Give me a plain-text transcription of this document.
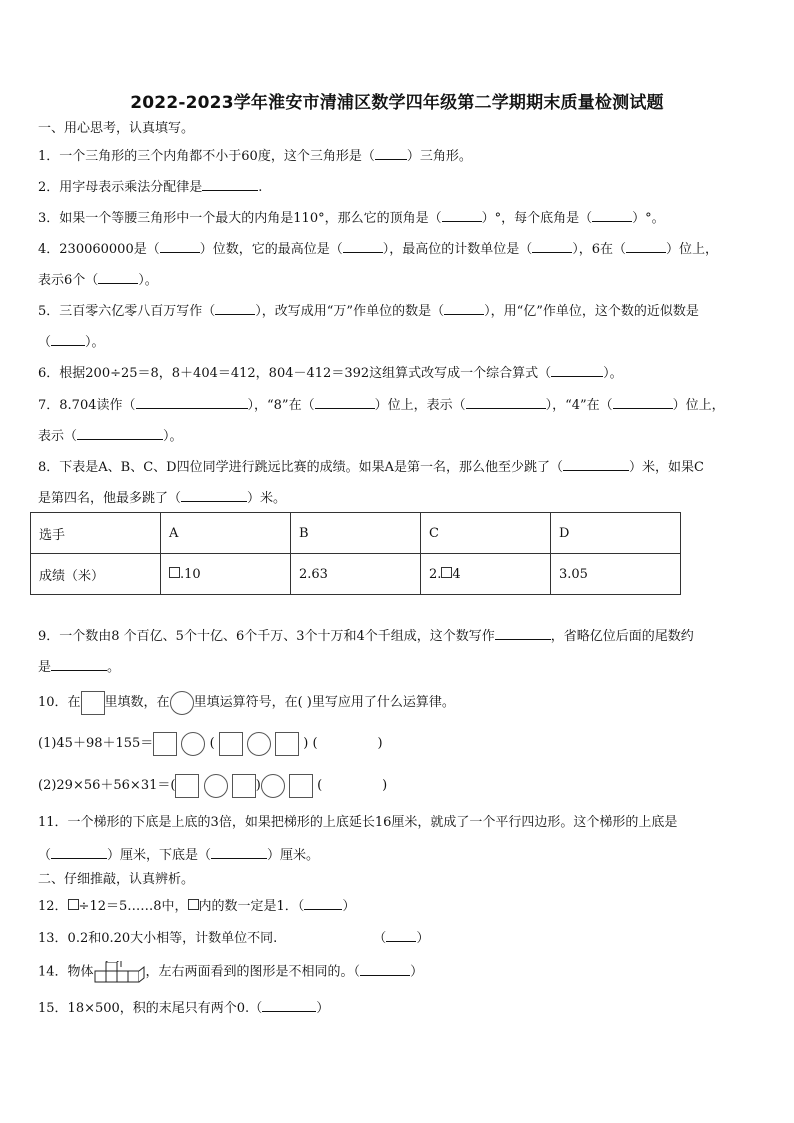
2022-2023学年淮安市清浦区数学四年级第二学期期末质量检测试题
一、用心思考，认真填写。
1．一个三角形的三个内角都不小于60度，这个三角形是（ ）三角形。
2．用字母表示乘法分配律是	.
3．如果一个等腰三角形中一个最大的内角是110°，那么它的顶角是（	）°，每个底角是（	）°。
4．230060000是（	）位数，它的最高位是（	），最高位的计数单位是（	），6在（	）位上，
表示6个（	）。
5．三百零六亿零八百万写作（	），改写成用“万”作单位的数是（	），用“亿”作单位，这个数的近似数是
（	）。
6．根据200÷25＝8，8＋404＝412，804－412＝392这组算式改写成一个综合算式（	）。
7．8.704读作（	），“8”在（	）位上，表示（	），“4”在（	）位上，
表示（	）。
8．下表是A、B、C、D四位同学进行跳远比赛的成绩。如果A是第一名，那么他至少跳了（	）米，如果C
是第四名，他最多跳了（	）米。
选手	A	B	C	D
成绩（米）	.10	2.63	2. 4	3.05
9．一个数由8 个百亿、5个十亿、6个千万、3个十万和4个千组成，这个数写作	，省略亿位后面的尾数约
是	。
10．在 里填数，在 里填运算符号，在( )里写应用了什么运算律。
(1)45＋98＋155＝	(	) (	)
(2)29×56＋56×31＝(	)	(	)
11．一个梯形的下底是上底的3倍，如果把梯形的上底延长16厘米，就成了一个平行四边形。这个梯形的上底是
（	）厘米，下底是（	）厘米。
二、仔细推敲，认真辨析。
12． ÷12＝5……8中， 内的数一定是1．（	）
13．0.2和0.20大小相等，计数单位不同.	（ ）
14．物体	，左右两面看到的图形是不相同的。（	）
15．18×500，积的末尾只有两个0.（	）
